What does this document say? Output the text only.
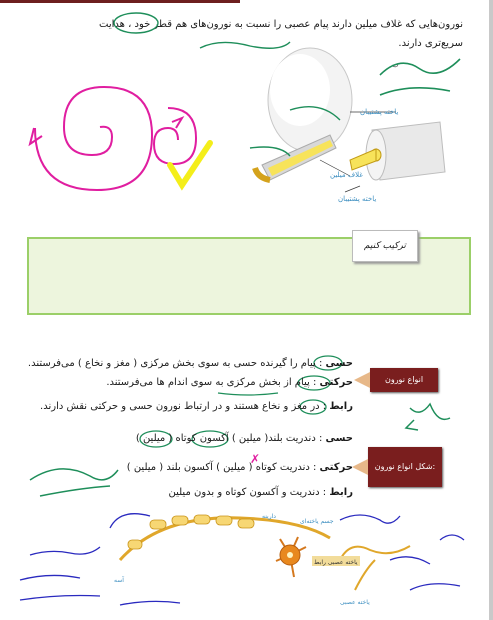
نورون‌هایی که غلاف میلین دارند پیام عصبی را نسبت به نورون‌های هم قطر خود ، هدایت
سریع‌تری دارند.
یاخته پشتیبان
غلاف میلین
یاخته پشتیبان
ب
✗
ترکیب کنیم
انواع نورون
حسی : پیام را گیرنده حسی به سوی بخش مرکزی ( مغز و نخاع ) می‌فرستند.
حرکتی : پیام از بخش مرکزی به سوی اندام ها می‌فرستند.
رابط : در مغز و نخاع هستند و در ارتباط نورون حسی و حرکتی نقش دارند.
شکل انواع نورون:
حسی : دندریت بلند( میلین ) آکسون کوتاه ( میلین )
حرکتی : دندریت کوتاه ( میلین ) آکسون بلند ( میلین )
رابط : دندریت و آکسون کوتاه و بدون میلین
جسم یاخته‌ای
دارینه
آسه
یاخته عصبی رابط
یاخته عصبی
